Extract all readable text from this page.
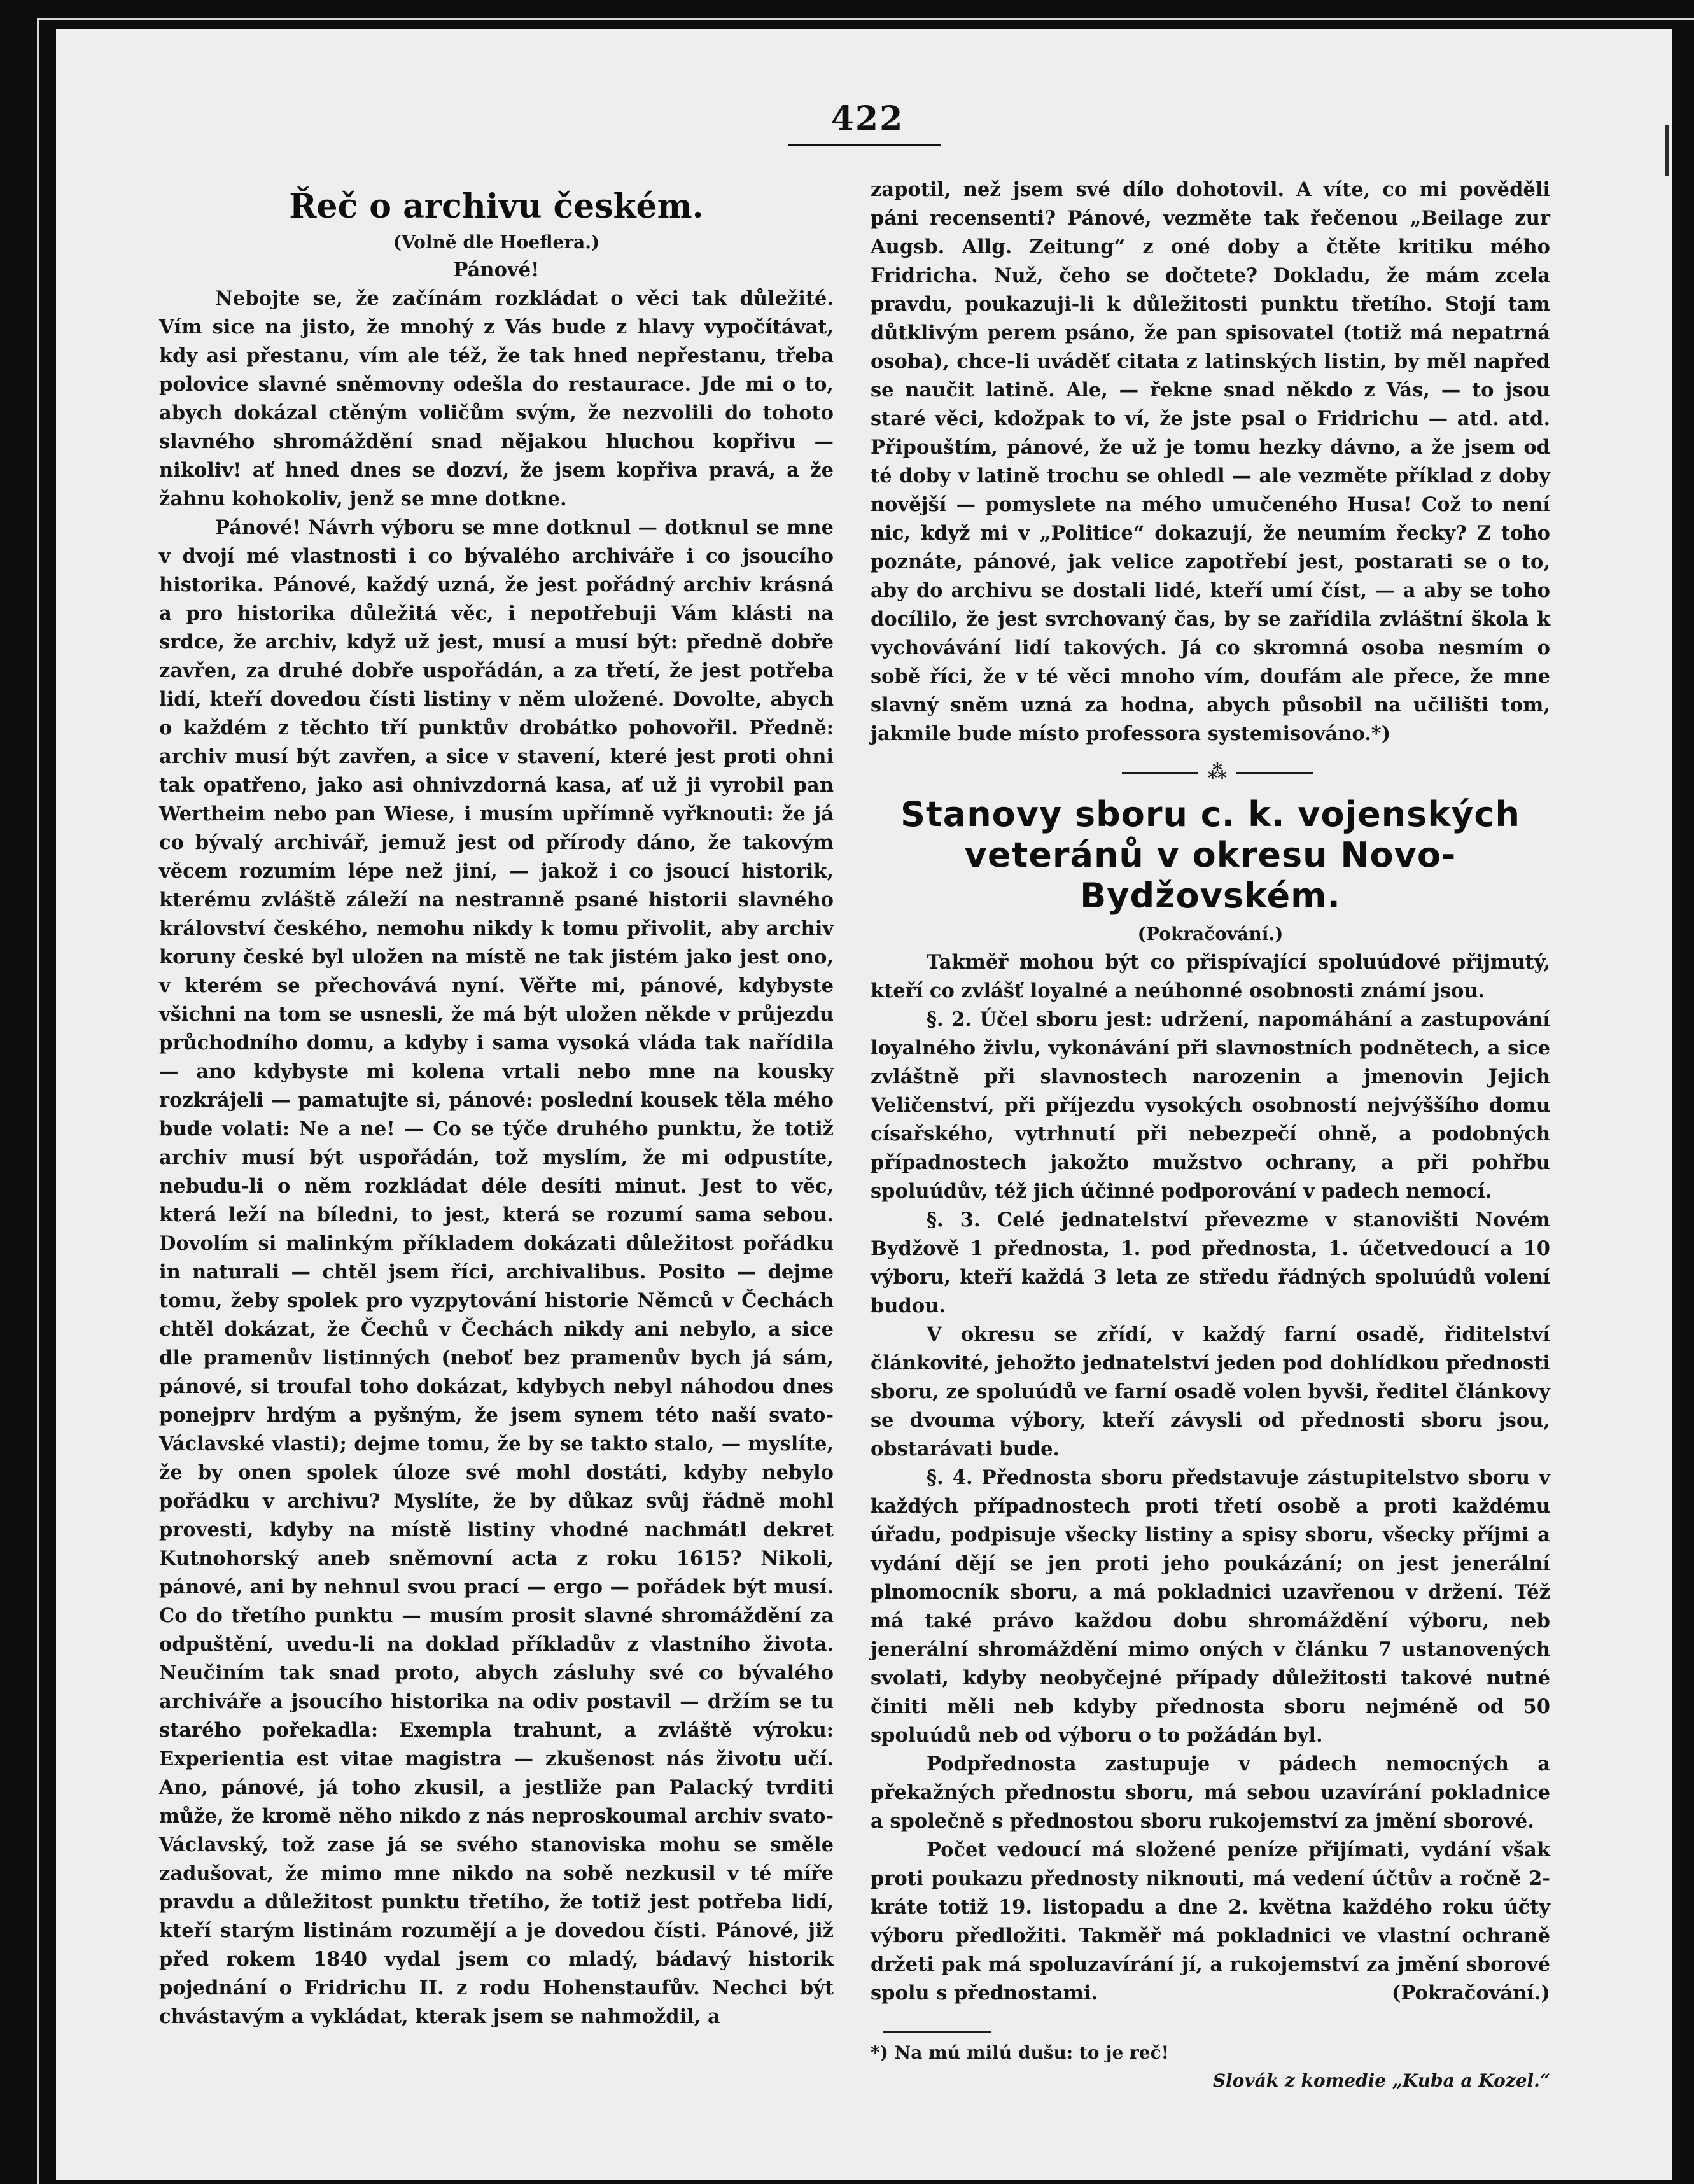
422
Řeč o archivu českém.
(Volně dle Hoeflera.)

Pánové!

Nebojte se, že začínám rozkládat o věci tak důležité. Vím sice na jisto, že mnohý z Vás bude z hlavy vypočítávat, kdy asi přestanu, vím ale též, že tak hned nepřestanu, třeba polovice slavné sněmovny odešla do restaurace. Jde mi o to, abych dokázal ctěným voličům svým, že nezvolili do tohoto slavného shromáždění snad nějakou hluchou kopřivu — nikoliv! ať hned dnes se dozví, že jsem kopřiva pravá, a že žahnu kohokoliv, jenž se mne dotkne.

Pánové! Návrh výboru se mne dotknul — dotknul se mne v dvojí mé vlastnosti i co bývalého archiváře i co jsoucího historika. Pánové, každý uzná, že jest pořádný archiv krásná a pro historika důležitá věc, i nepotřebuji Vám klásti na srdce, že archiv, když už jest, musí a musí být: předně dobře zavřen, za druhé dobře uspořádán, a za třetí, že jest potřeba lidí, kteří dovedou čísti listiny v něm uložené. Dovolte, abych o každém z těchto tří punktův drobátko pohovořil. Předně: archiv musí být zavřen, a sice v stavení, které jest proti ohni tak opatřeno, jako asi ohnivzdorná kasa, ať už ji vyrobil pan Wertheim nebo pan Wiese, i musím upřímně vyřknouti: že já co bývalý archivář, jemuž jest od přírody dáno, že takovým věcem rozumím lépe než jiní, — jakož i co jsoucí historik, kterému zvláště záleží na nestranně psané historii slavného království českého, nemohu nikdy k tomu přivolit, aby archiv koruny české byl uložen na místě ne tak jistém jako jest ono, v kterém se přechovává nyní. Věřte mi, pánové, kdybyste všichni na tom se usnesli, že má být uložen někde v průjezdu průchodního domu, a kdyby i sama vysoká vláda tak nařídila — ano kdybyste mi kolena vrtali nebo mne na kousky rozkrájeli — pamatujte si, pánové: poslední kousek těla mého bude volati: Ne a ne! — Co se týče druhého punktu, že totiž archiv musí být uspořádán, tož myslím, že mi odpustíte, nebudu-li o něm rozkládat déle desíti minut. Jest to věc, která leží na bíledni, to jest, která se rozumí sama sebou. Dovolím si malinkým příkladem dokázati důležitost pořádku in naturali — chtěl jsem říci, archivalibus. Posito — dejme tomu, žeby spolek pro vyzpytování historie Němců v Čechách chtěl dokázat, že Čechů v Čechách nikdy ani nebylo, a sice dle pramenův listinných (neboť bez pramenův bych já sám, pánové, si troufal toho dokázat, kdybych nebyl náhodou dnes ponejprv hrdým a pyšným, že jsem synem této naší svato-Václavské vlasti); dejme tomu, že by se takto stalo, — myslíte, že by onen spolek úloze své mohl dostáti, kdyby nebylo pořádku v archivu? Myslíte, že by důkaz svůj řádně mohl provesti, kdyby na místě listiny vhodné nachmátl dekret Kutnohorský aneb sněmovní acta z roku 1615? Nikoli, pánové, ani by nehnul svou prací — ergo — pořádek být musí. Co do třetího punktu — musím prosit slavné shromáždění za odpuštění, uvedu-li na doklad příkladův z vlastního života. Neučiním tak snad proto, abych zásluhy své co bývalého archiváře a jsoucího historika na odiv postavil — držím se tu starého pořekadla: Exempla trahunt, a zvláště výroku: Experientia est vitae magistra — zkušenost nás životu učí. Ano, pánové, já toho zkusil, a jestliže pan Palacký tvrditi může, že kromě něho nikdo z nás neproskoumal archiv svato-Václavský, tož zase já se svého stanoviska mohu se směle zadušovat, že mimo mne nikdo na sobě nezkusil v té míře pravdu a důležitost punktu třetího, že totiž jest potřeba lidí, kteří starým listinám rozumějí a je dovedou čísti. Pánové, již před rokem 1840 vydal jsem co mladý, bádavý historik pojednání o Fridrichu II. z rodu Hohenstaufův. Nechci být chvástavým a vykládat, kterak jsem se nahmoždil, a

zapotil, než jsem své dílo dohotovil. A víte, co mi pověděli páni recensenti? Pánové, vezměte tak řečenou „Beilage zur Augsb. Allg. Zeitung“ z oné doby a čtěte kritiku mého Fridricha. Nuž, čeho se dočtete? Dokladu, že mám zcela pravdu, poukazuji-li k důležitosti punktu třetího. Stojí tam důtklivým perem psáno, že pan spisovatel (totiž má nepatrná osoba), chce-li uváděť citata z latinských listin, by měl napřed se naučit latině. Ale, — řekne snad někdo z Vás, — to jsou staré věci, kdožpak to ví, že jste psal o Fridrichu — atd. atd. Připouštím, pánové, že už je tomu hezky dávno, a že jsem od té doby v latině trochu se ohledl — ale vezměte příklad z doby novější — pomyslete na mého umučeného Husa! Což to není nic, když mi v „Politice“ dokazují, že neumím řecky? Z toho poznáte, pánové, jak velice zapotřebí jest, postarati se o to, aby do archivu se dostali lidé, kteří umí číst, — a aby se toho docílilo, že jest svrchovaný čas, by se zařídila zvláštní škola k vychovávání lidí takových. Já co skromná osoba nesmím o sobě říci, že v té věci mnoho vím, doufám ale přece, že mne slavný sněm uzná za hodna, abych působil na učilišti tom, jakmile bude místo professora systemisováno.*)

⁂
Stanovy sboru c. k. vojenských veteránů v okresu Novo-Bydžovském.
(Pokračování.)

Takměř mohou být co přispívající spoluúdové přijmutý, kteří co zvlášť loyalné a neúhonné osobnosti známí jsou.

§. 2. Účel sboru jest: udržení, napomáhání a zastupování loyalného živlu, vykonávání při slavnostních podnětech, a sice zvláštně při slavnostech narozenin a jmenovin Jejich Veličenství, při příjezdu vysokých osobností nejvýššího domu císařského, vytrhnutí při nebezpečí ohně, a podobných případnostech jakožto mužstvo ochrany, a při pohřbu spoluúdův, též jich účinné podporování v padech nemocí.

§. 3. Celé jednatelství převezme v stanovišti Novém Bydžově 1 přednosta, 1. pod přednosta, 1. účetvedoucí a 10 výboru, kteří každá 3 leta ze středu řádných spoluúdů volení budou.

V okresu se zřídí, v každý farní osadě, řiditelství článkovité, jehožto jednatelství jeden pod dohlídkou přednosti sboru, ze spoluúdů ve farní osadě volen byvši, ředitel článkovy se dvouma výbory, kteří závysli od přednosti sboru jsou, obstarávati bude.

§. 4. Přednosta sboru představuje zástupitelstvo sboru v každých případnostech proti třetí osobě a proti každému úřadu, podpisuje všecky listiny a spisy sboru, všecky příjmi a vydání dějí se jen proti jeho poukázání; on jest jenerální plnomocník sboru, a má pokladnici uzavřenou v držení. Též má také právo každou dobu shromáždění výboru, neb jenerální shromáždění mimo oných v článku 7 ustanovených svolati, kdyby neobyčejné případy důležitosti takové nutné činiti měli neb kdyby přednosta sboru nejméně od 50 spoluúdů neb od výboru o to požádán byl.

Podpřednosta zastupuje v pádech nemocných a překažných přednostu sboru, má sebou uzavírání pokladnice a společně s přednostou sboru rukojemství za jmění sborové.

Počet vedoucí má složené peníze přijímati, vydání však proti poukazu přednosty niknouti, má vedení účtův a ročně 2-kráte totiž 19. listopadu a dne 2. května každého roku účty výboru předložiti. Takměř má pokladnici ve vlastní ochraně držeti pak má spoluzavírání jí, a rukojemství za jmění sborové spolu s přednostami.	(Pokračování.)

*) Na mú milú dušu: to je reč!
Slovák z komedie „Kuba a Kozel.“
